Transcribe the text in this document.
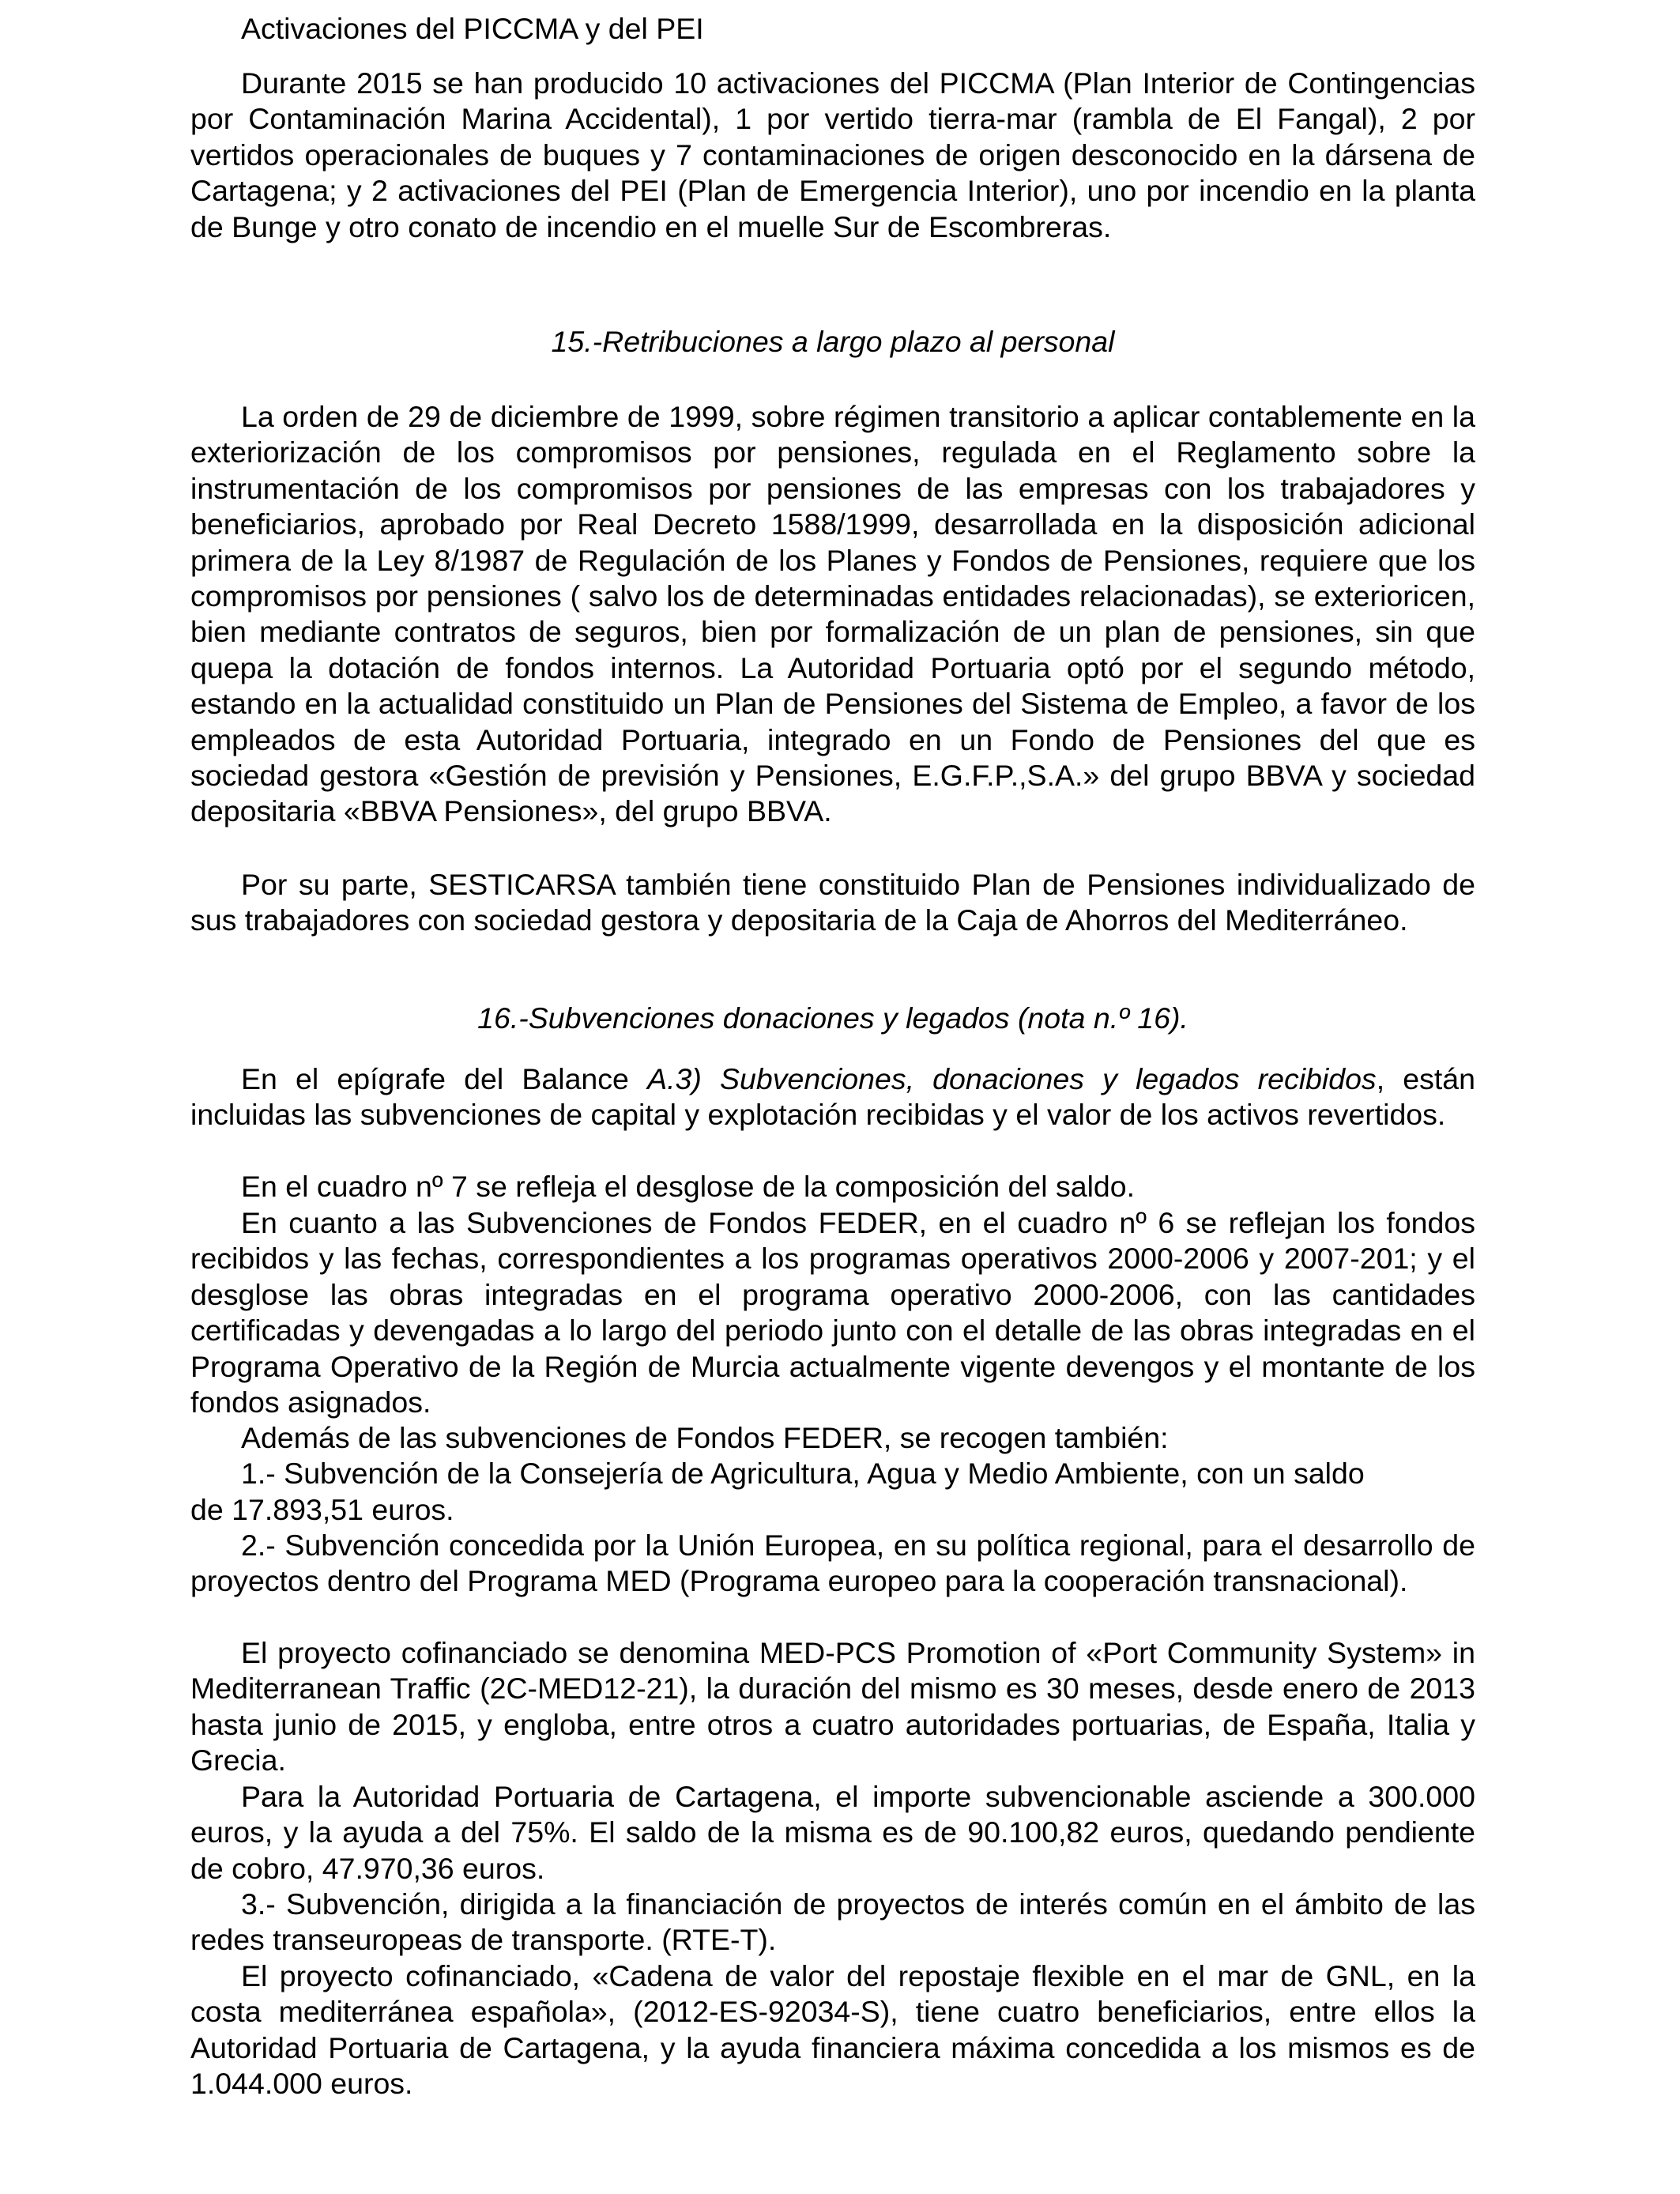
Activaciones del PICCMA y del PEI

Durante 2015 se han producido 10 activaciones del PICCMA (Plan Interior de Contingencias por Contaminación Marina Accidental), 1 por vertido tierra-mar (rambla de El Fangal), 2 por vertidos operacionales de buques y 7 contaminaciones de origen desconocido en la dársena de Cartagena; y 2 activaciones del PEI (Plan de Emergencia Interior), uno por incendio en la planta de Bunge y otro conato de incendio en el muelle Sur de Escombreras.

15.-Retribuciones a largo plazo al personal

La orden de 29 de diciembre de 1999, sobre régimen transitorio a aplicar contablemente en la exteriorización de los compromisos por pensiones, regulada en el Reglamento sobre la instrumentación de los compromisos por pensiones de las empresas con los trabajadores y beneficiarios, aprobado por Real Decreto 1588/1999, desarrollada en la disposición adicional primera de la Ley 8/1987 de Regulación de los Planes y Fondos de Pensiones, requiere que los compromisos por pensiones ( salvo los de determinadas entidades relacionadas), se exterioricen, bien mediante contratos de seguros, bien por formalización de un plan de pensiones, sin que quepa la dotación de fondos internos. La Autoridad Portuaria optó por el segundo método, estando en la actualidad constituido un Plan de Pensiones del Sistema de Empleo, a favor de los empleados de esta Autoridad Portuaria, integrado en un Fondo de Pensiones del que es sociedad gestora «Gestión de previsión y Pensiones, E.G.F.P.,S.A.» del grupo BBVA y sociedad depositaria «BBVA Pensiones», del grupo BBVA.

Por su parte, SESTICARSA también tiene constituido Plan de Pensiones individualizado de sus trabajadores con sociedad gestora y depositaria de la Caja de Ahorros del Mediterráneo.

16.-Subvenciones donaciones y legados (nota n.º 16).

En el epígrafe del Balance A.3) Subvenciones, donaciones y legados recibidos, están incluidas las subvenciones de capital y explotación recibidas y el valor de los activos revertidos.

En el cuadro nº 7 se refleja el desglose de la composición del saldo.

En cuanto a las Subvenciones de Fondos FEDER, en el cuadro nº 6 se reflejan los fondos recibidos y las fechas, correspondientes a los programas operativos 2000-2006 y 2007-201; y el desglose las obras integradas en el programa operativo 2000-2006, con las cantidades certificadas y devengadas a lo largo del periodo junto con el detalle de las obras integradas en el Programa Operativo de la Región de Murcia actualmente vigente devengos y el montante de los fondos asignados.

Además de las subvenciones de Fondos FEDER, se recogen también:

1.- Subvención de la Consejería de Agricultura, Agua y Medio Ambiente, con un saldo

de 17.893,51 euros.

2.- Subvención concedida por la Unión Europea, en su política regional, para el desarrollo de proyectos dentro del Programa MED (Programa europeo para la cooperación transnacional).

El proyecto cofinanciado se denomina MED-PCS Promotion of «Port Community System» in Mediterranean Traffic (2C-MED12-21), la duración del mismo es 30 meses, desde enero de 2013 hasta junio de 2015, y engloba, entre otros a cuatro autoridades portuarias, de España, Italia y Grecia.

Para la Autoridad Portuaria de Cartagena, el importe subvencionable asciende a 300.000 euros, y la ayuda a del 75%. El saldo de la misma es de 90.100,82 euros, quedando pendiente de cobro, 47.970,36 euros.

3.- Subvención, dirigida a la financiación de proyectos de interés común en el ámbito de las redes transeuropeas de transporte. (RTE-T).

El proyecto cofinanciado, «Cadena de valor del repostaje flexible en el mar de GNL, en la costa mediterránea española», (2012-ES-92034-S), tiene cuatro beneficiarios, entre ellos la Autoridad Portuaria de Cartagena, y la ayuda financiera máxima concedida a los mismos es de 1.044.000 euros.
